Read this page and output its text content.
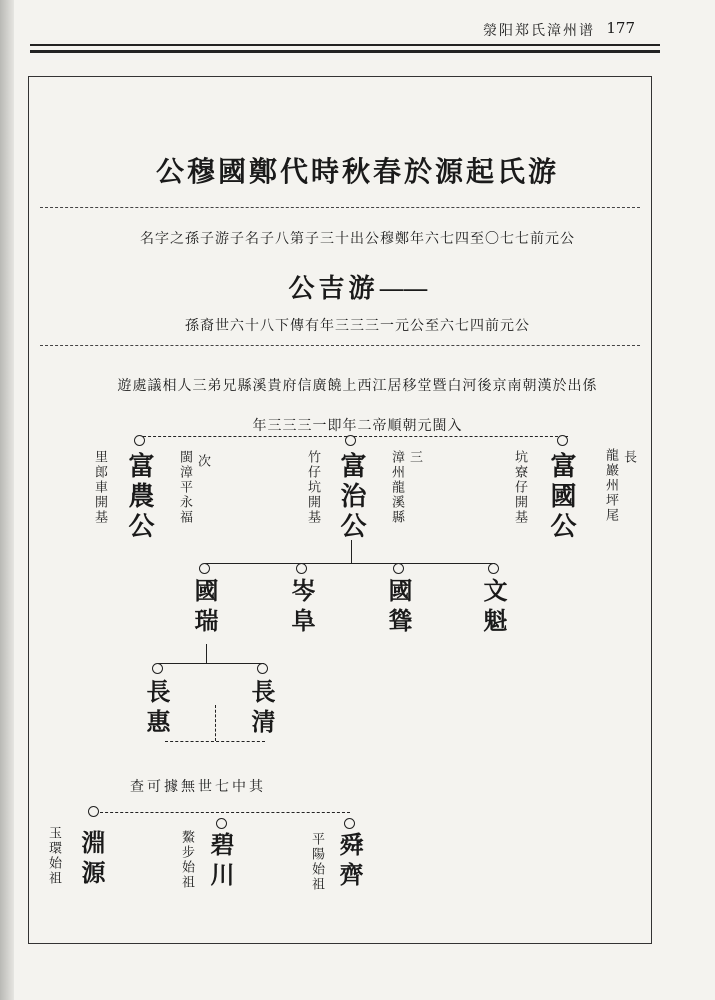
滎阳郑氏漳州谱 177
游氏起源於春秋時代鄭國穆公
公元前七七〇至四七六年鄭穆公出十三子第八子名子游子孫之字名
游吉公——
公元前四七六至公元一三三三年有傳下八十六世裔孫
係出於漢朝南京後河白暨堂移居江西上饒廣信府貴溪縣兄弟三人相議處遊
入閩元朝順帝二年即一三三三年
長
龍巖州坪尾
富國公
坑寮仔開基
三
漳州龍溪縣
富治公
竹仔坑開基
次
閩漳平永福
富農公
里郎車開基
文魁
國聳
岑阜
國瑞
長清
長惠
其中七世無據可查
舜齊
平陽始祖
碧川
鰲步始祖
淵源
玉環始祖
